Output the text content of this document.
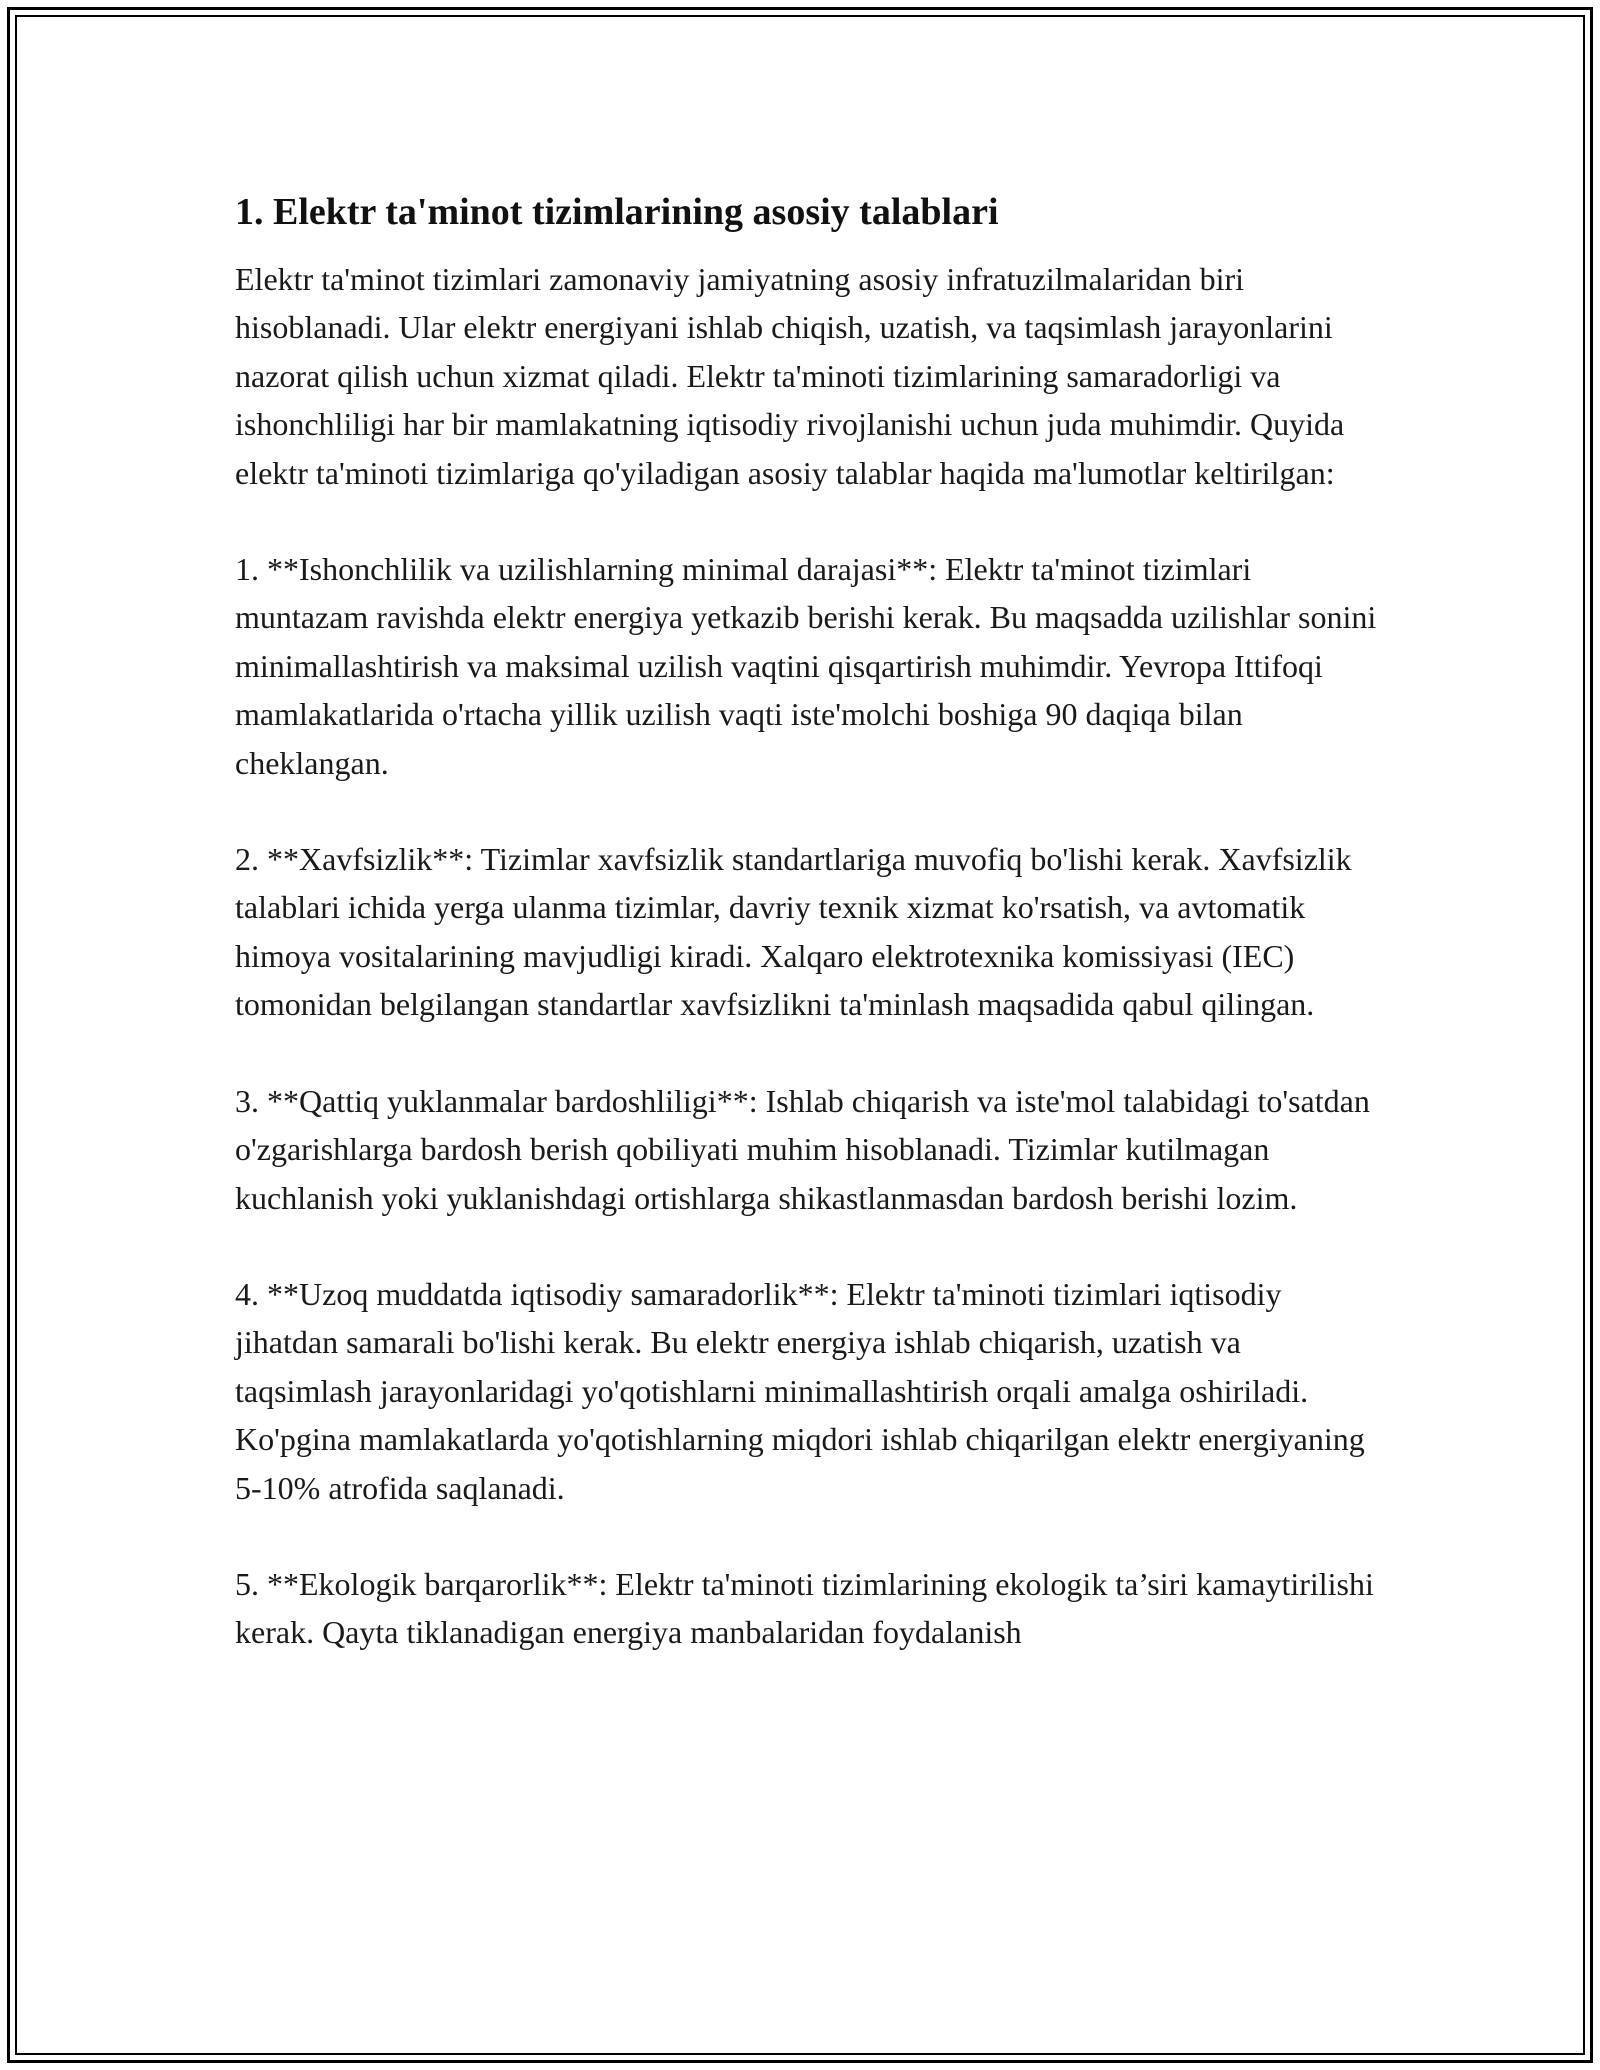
1. Elektr ta'minot tizimlarining asosiy talablari

Elektr ta'minot tizimlari zamonaviy jamiyatning asosiy infratuzilmalaridan biri hisoblanadi. Ular elektr energiyani ishlab chiqish, uzatish, va taqsimlash jarayonlarini nazorat qilish uchun xizmat qiladi. Elektr ta'minoti tizimlarining samaradorligi va ishonchliligi har bir mamlakatning iqtisodiy rivojlanishi uchun juda muhimdir. Quyida elektr ta'minoti tizimlariga qo'yiladigan asosiy talablar haqida ma'lumotlar keltirilgan:

1. **Ishonchlilik va uzilishlarning minimal darajasi**: Elektr ta'minot tizimlari muntazam ravishda elektr energiya yetkazib berishi kerak. Bu maqsadda uzilishlar sonini minimallashtirish va maksimal uzilish vaqtini qisqartirish muhimdir. Yevropa Ittifoqi mamlakatlarida o'rtacha yillik uzilish vaqti iste'molchi boshiga 90 daqiqa bilan cheklangan.

2. **Xavfsizlik**: Tizimlar xavfsizlik standartlariga muvofiq bo'lishi kerak. Xavfsizlik talablari ichida yerga ulanma tizimlar, davriy texnik xizmat ko'rsatish, va avtomatik himoya vositalarining mavjudligi kiradi. Xalqaro elektrotexnika komissiyasi (IEC) tomonidan belgilangan standartlar xavfsizlikni ta'minlash maqsadida qabul qilingan.

3. **Qattiq yuklanmalar bardoshliligi**: Ishlab chiqarish va iste'mol talabidagi to'satdan o'zgarishlarga bardosh berish qobiliyati muhim hisoblanadi. Tizimlar kutilmagan kuchlanish yoki yuklanishdagi ortishlarga shikastlanmasdan bardosh berishi lozim.

4. **Uzoq muddatda iqtisodiy samaradorlik**: Elektr ta'minoti tizimlari iqtisodiy jihatdan samarali bo'lishi kerak. Bu elektr energiya ishlab chiqarish, uzatish va taqsimlash jarayonlaridagi yo'qotishlarni minimallashtirish orqali amalga oshiriladi. Ko'pgina mamlakatlarda yo'qotishlarning miqdori ishlab chiqarilgan elektr energiyaning 5-10% atrofida saqlanadi.

5. **Ekologik barqarorlik**: Elektr ta'minoti tizimlarining ekologik ta’siri kamaytirilishi kerak. Qayta tiklanadigan energiya manbalaridan foydalanish
